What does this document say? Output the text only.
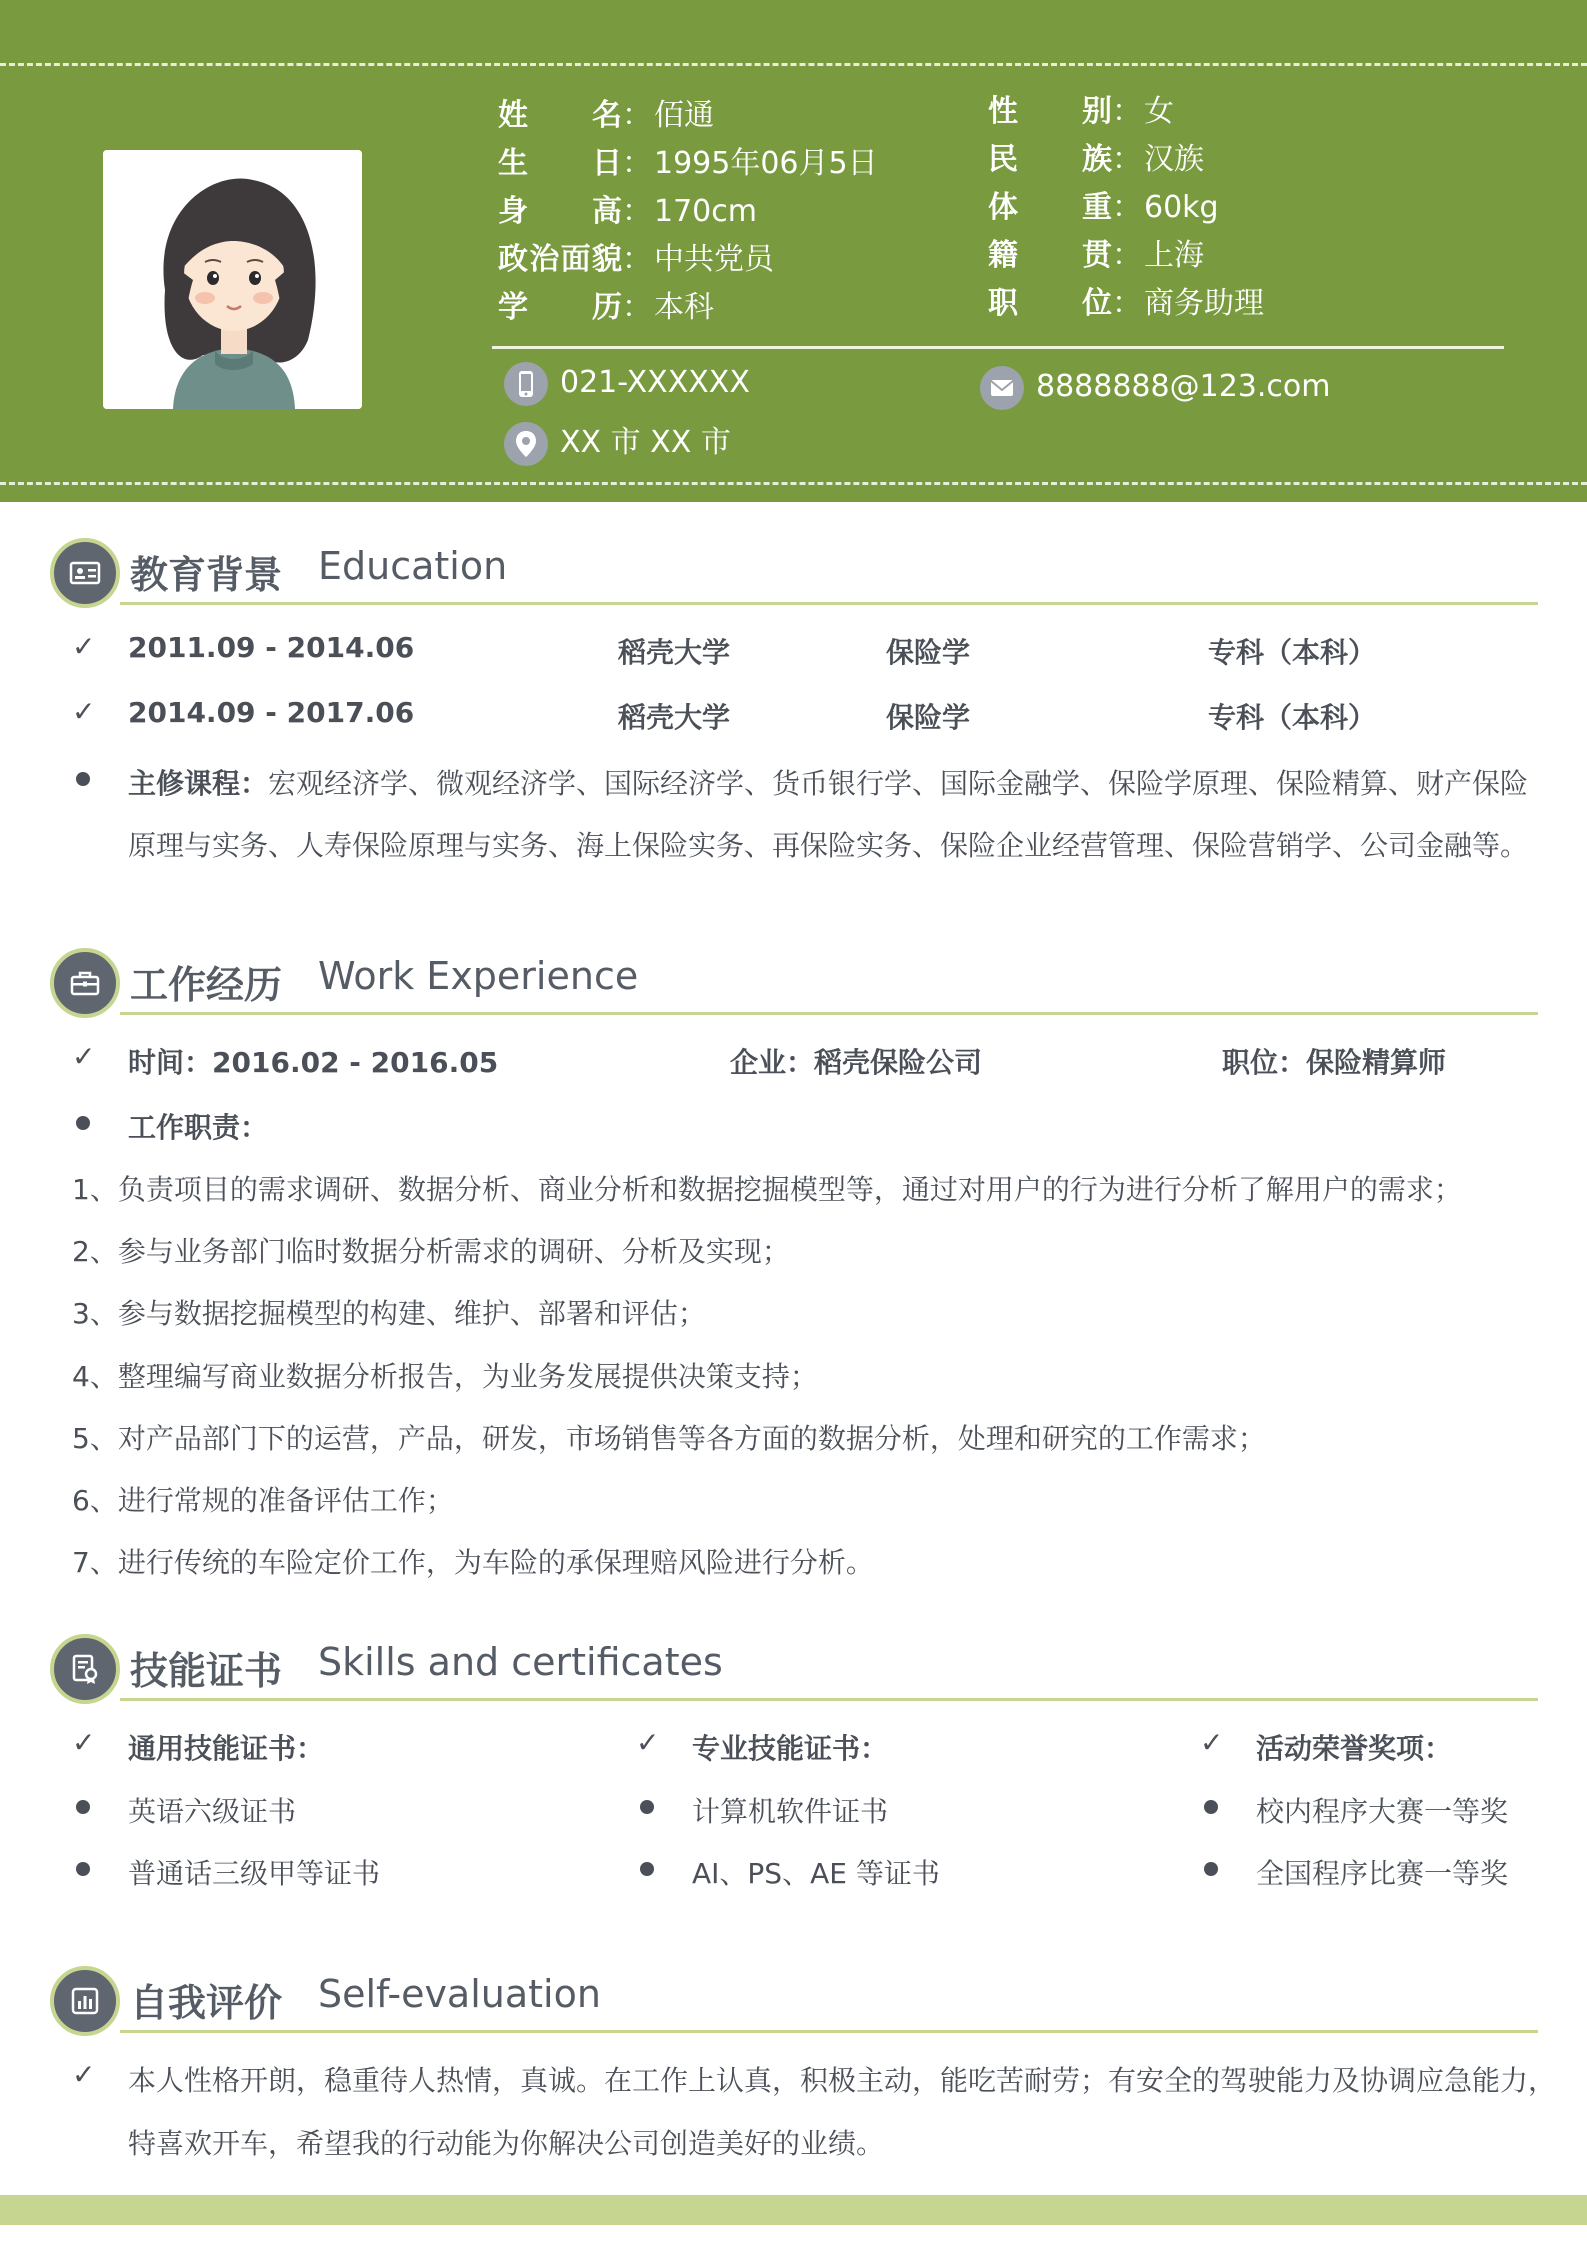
姓名：佰通
生日：1995年06月5日
身高：170cm
政治面貌：中共党员
学历：本科
性别：女
民族：汉族
体重：60kg
籍贯：上海
职位：商务助理
021-XXXXXX	8888888@123.com
XX 市 XX 市
教育背景 Education
✓ 2011.09 - 2014.06	稻壳大学	保险学	专科（本科）
✓ 2014.09 - 2017.06	稻壳大学	保险学	专科（本科）
主修课程：宏观经济学、微观经济学、国际经济学、货币银行学、国际金融学、保险学原理、保险精算、财产保险
原理与实务、人寿保险原理与实务、海上保险实务、再保险实务、保险企业经营管理、保险营销学、公司金融等。
工作经历 Work Experience
✓ 时间：2016.02 - 2016.05	企业：稻壳保险公司	职位：保险精算师
工作职责：
1、负责项目的需求调研、数据分析、商业分析和数据挖掘模型等，通过对用户的行为进行分析了解用户的需求；
2、参与业务部门临时数据分析需求的调研、分析及实现；
3、参与数据挖掘模型的构建、维护、部署和评估；
4、整理编写商业数据分析报告，为业务发展提供决策支持；
5、对产品部门下的运营，产品，研发，市场销售等各方面的数据分析，处理和研究的工作需求；
6、进行常规的准备评估工作；
7、进行传统的车险定价工作，为车险的承保理赔风险进行分析。
技能证书 Skills and certificates
✓ 通用技能证书：
英语六级证书
普通话三级甲等证书
✓ 专业技能证书：
计算机软件证书
AI、PS、AE 等证书
✓ 活动荣誉奖项：
校内程序大赛一等奖
全国程序比赛一等奖
自我评价 Self-evaluation
✓ 本人性格开朗，稳重待人热情，真诚。在工作上认真，积极主动，能吃苦耐劳；有安全的驾驶能力及协调应急能力，
特喜欢开车，希望我的行动能为你解决公司创造美好的业绩。
